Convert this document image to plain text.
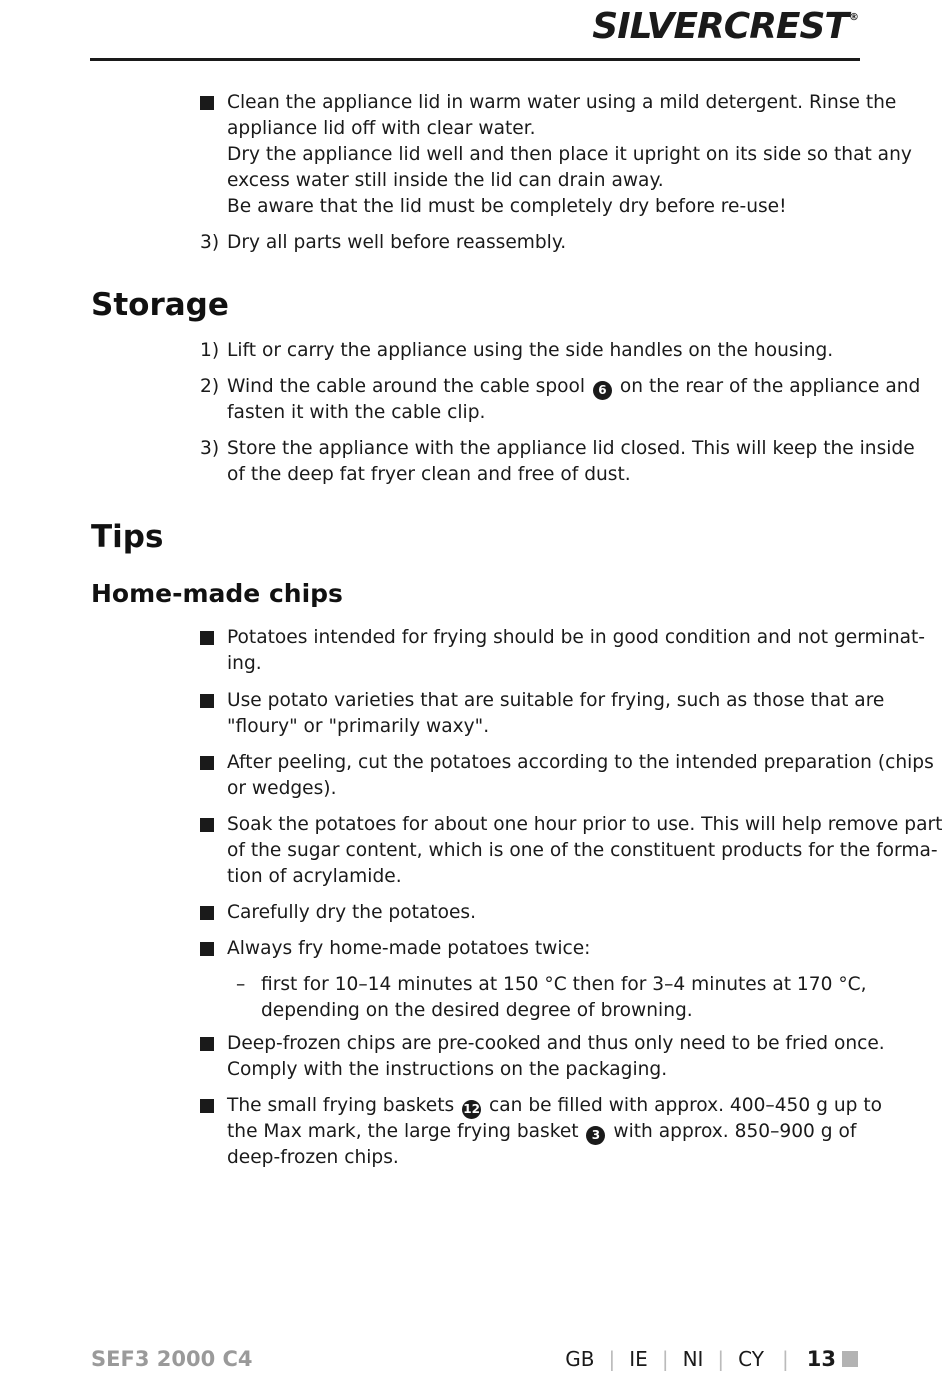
SILVERCREST®
Clean the appliance lid in warm water using a mild detergent. Rinse the
appliance lid off with clear water.
Dry the appliance lid well and then place it upright on its side so that any
excess water still inside the lid can drain away.
Be aware that the lid must be completely dry before re-use!
3) Dry all parts well before reassembly.
Storage
1) Lift or carry the appliance using the side handles on the housing.
2) Wind the cable around the cable spool 6 on the rear of the appliance and
fasten it with the cable clip.
3) Store the appliance with the appliance lid closed. This will keep the inside
of the deep fat fryer clean and free of dust.
Tips
Home-made chips
Potatoes intended for frying should be in good condition and not germinat-
ing.
Use potato varieties that are suitable for frying, such as those that are
"floury" or "primarily waxy".
After peeling, cut the potatoes according to the intended preparation (chips
or wedges).
Soak the potatoes for about one hour prior to use. This will help remove part
of the sugar content, which is one of the constituent products for the forma-
tion of acrylamide.
Carefully dry the potatoes.
Always fry home-made potatoes twice:
– first for 10–14 minutes at 150 °C then for 3–4 minutes at 170 °C,
depending on the desired degree of browning.
Deep-frozen chips are pre-cooked and thus only need to be fried once.
Comply with the instructions on the packaging.
The small frying baskets 12 can be filled with approx. 400–450 g up to
the Max mark, the large frying basket 3 with approx. 850–900 g of
deep-frozen chips.
SEF3 2000 C4	GB | IE | NI | CY | 13
